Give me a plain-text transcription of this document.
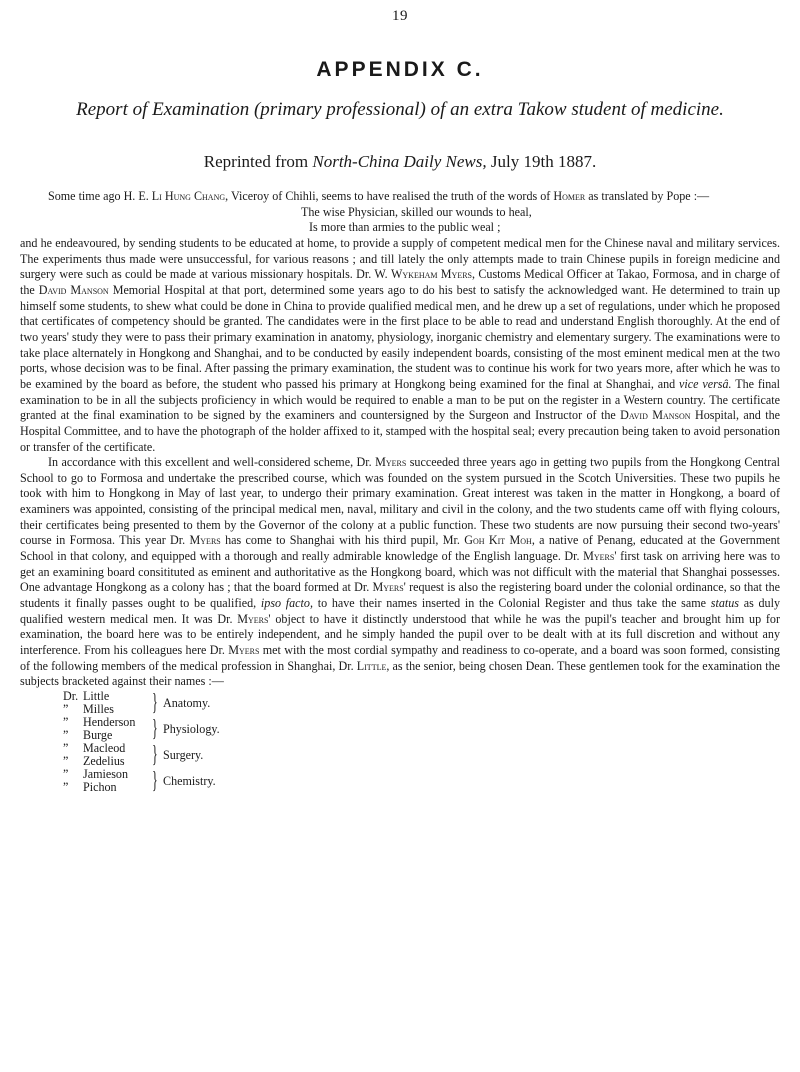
19
APPENDIX C.
Report of Examination (primary professional) of an extra Takow student of medicine.
Reprinted from North-China Daily News, July 19th 1887.

Some time ago H. E. Li Hung Chang, Viceroy of Chihli, seems to have realised the truth of the words of Homer as translated by Pope :—

The wise Physician, skilled our wounds to heal,
Is more than armies to the public weal ;

and he endeavoured, by sending students to be educated at home, to provide a supply of competent medical men for the Chinese naval and military services. The experiments thus made were unsuccessful, for various reasons ; and till lately the only attempts made to train Chinese pupils in foreign medicine and surgery were such as could be made at various missionary hospitals. Dr. W. Wykeham Myers, Customs Medical Officer at Takao, Formosa, and in charge of the David Manson Memorial Hospital at that port, determined some years ago to do his best to satisfy the acknowledged want. He determined to train up himself some students, to shew what could be done in China to provide qualified medical men, and he drew up a set of regulations, under which he proposed that certificates of competency should be granted. The candidates were in the first place to be able to read and understand English thoroughly. At the end of two years' study they were to pass their primary examination in anatomy, physiology, inorganic chemistry and elementary surgery. The examinations were to take place alternately in Hongkong and Shanghai, and to be conducted by easily independent boards, consisting of the most eminent medical men at the two ports, whose decision was to be final. After passing the primary examination, the student was to continue his work for two years more, after which he was to be examined by the board as before, the student who passed his primary at Hongkong being examined for the final at Shanghai, and vice versâ. The final examination to be in all the subjects proficiency in which would be required to enable a man to be put on the register in a Western country. The certificate granted at the final examination to be signed by the examiners and countersigned by the Surgeon and Instructor of the David Manson Hospital, and the Hospital Committee, and to have the photograph of the holder affixed to it, stamped with the hospital seal; every precaution being taken to avoid personation or transfer of the certificate.

In accordance with this excellent and well-considered scheme, Dr. Myers succeeded three years ago in getting two pupils from the Hongkong Central School to go to Formosa and undertake the prescribed course, which was founded on the system pursued in the Scotch Universities. These two pupils he took with him to Hongkong in May of last year, to undergo their primary examination. Great interest was taken in the matter in Hongkong, a board of examiners was appointed, consisting of the principal medical men, naval, military and civil in the colony, and the two students came off with flying colours, their certificates being presented to them by the Governor of the colony at a public function. These two students are now pursuing their second two-years' course in Formosa. This year Dr. Myers has come to Shanghai with his third pupil, Mr. Goh Kit Moh, a native of Penang, educated at the Government School in that colony, and equipped with a thorough and really admirable knowledge of the English language. Dr. Myers' first task on arriving here was to get an examining board consitituted as eminent and authoritative as the Hongkong board, which was not difficult with the material that Shanghai possesses. One advantage Hongkong as a colony has ; that the board formed at Dr. Myers' request is also the registering board under the colonial ordinance, so that the students it finally passes ought to be qualified, ipso facto, to have their names inserted in the Colonial Register and thus take the same status as duly qualified western medical men. It was Dr. Myers' object to have it distinctly understood that while he was the pupil's teacher and brought him up for examination, the board here was to be entirely independent, and he simply handed the pupil over to be dealt with at its full discretion and without any interference. From his colleagues here Dr. Myers met with the most cordial sympathy and readiness to co-operate, and a board was soon formed, consisting of the following members of the medical profession in Shanghai, Dr. Little, as the senior, being chosen Dean. These gentlemen took for the examination the subjects bracketed against their names :—

Dr. Little
”	Milles } Anatomy.
”	Henderson
”	Burge } Physiology.
”	Macleod
”	Zedelius } Surgery.
”	Jamieson
”	Pichon } Chemistry.
